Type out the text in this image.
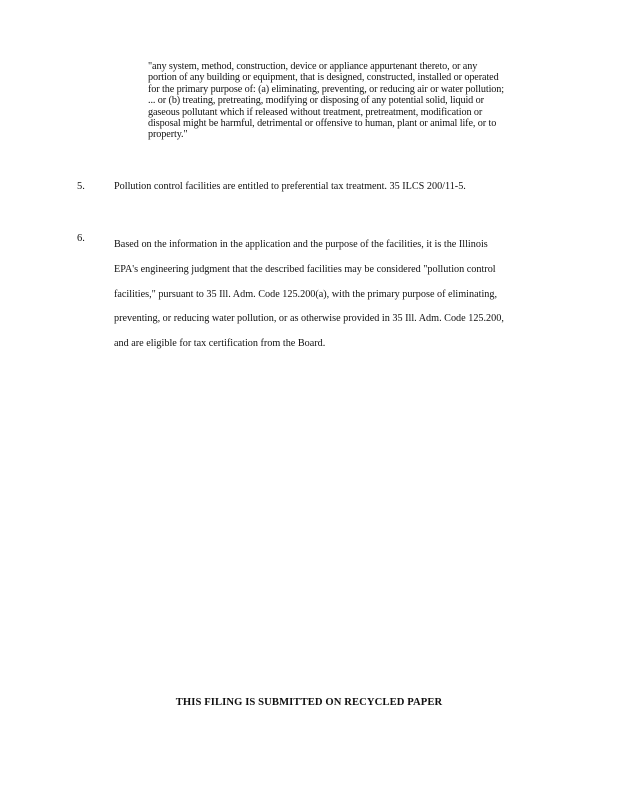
"any system, method, construction, device or appliance appurtenant thereto, or any
portion of any building or equipment, that is designed, constructed, installed or operated
for the primary purpose of: (a) eliminating, preventing, or reducing air or water pollution;
... or (b) treating, pretreating, modifying or disposing of any potential solid, liquid or
gaseous pollutant which if released without treatment, pretreatment, modification or
disposal might be harmful, detrimental or offensive to human, plant or animal life, or to
property."
5.	Pollution control facilities are entitled to preferential tax treatment. 35 ILCS 200/11-5.
6.
Based on the information in the application and the purpose of the facilities, it is the Illinois
EPA's engineering judgment that the described facilities may be considered "pollution control
facilities," pursuant to 35 Ill. Adm. Code 125.200(a), with the primary purpose of eliminating,
preventing, or reducing water pollution, or as otherwise provided in 35 Ill. Adm. Code 125.200,
and are eligible for tax certification from the Board.
THIS FILING IS SUBMITTED ON RECYCLED PAPER
